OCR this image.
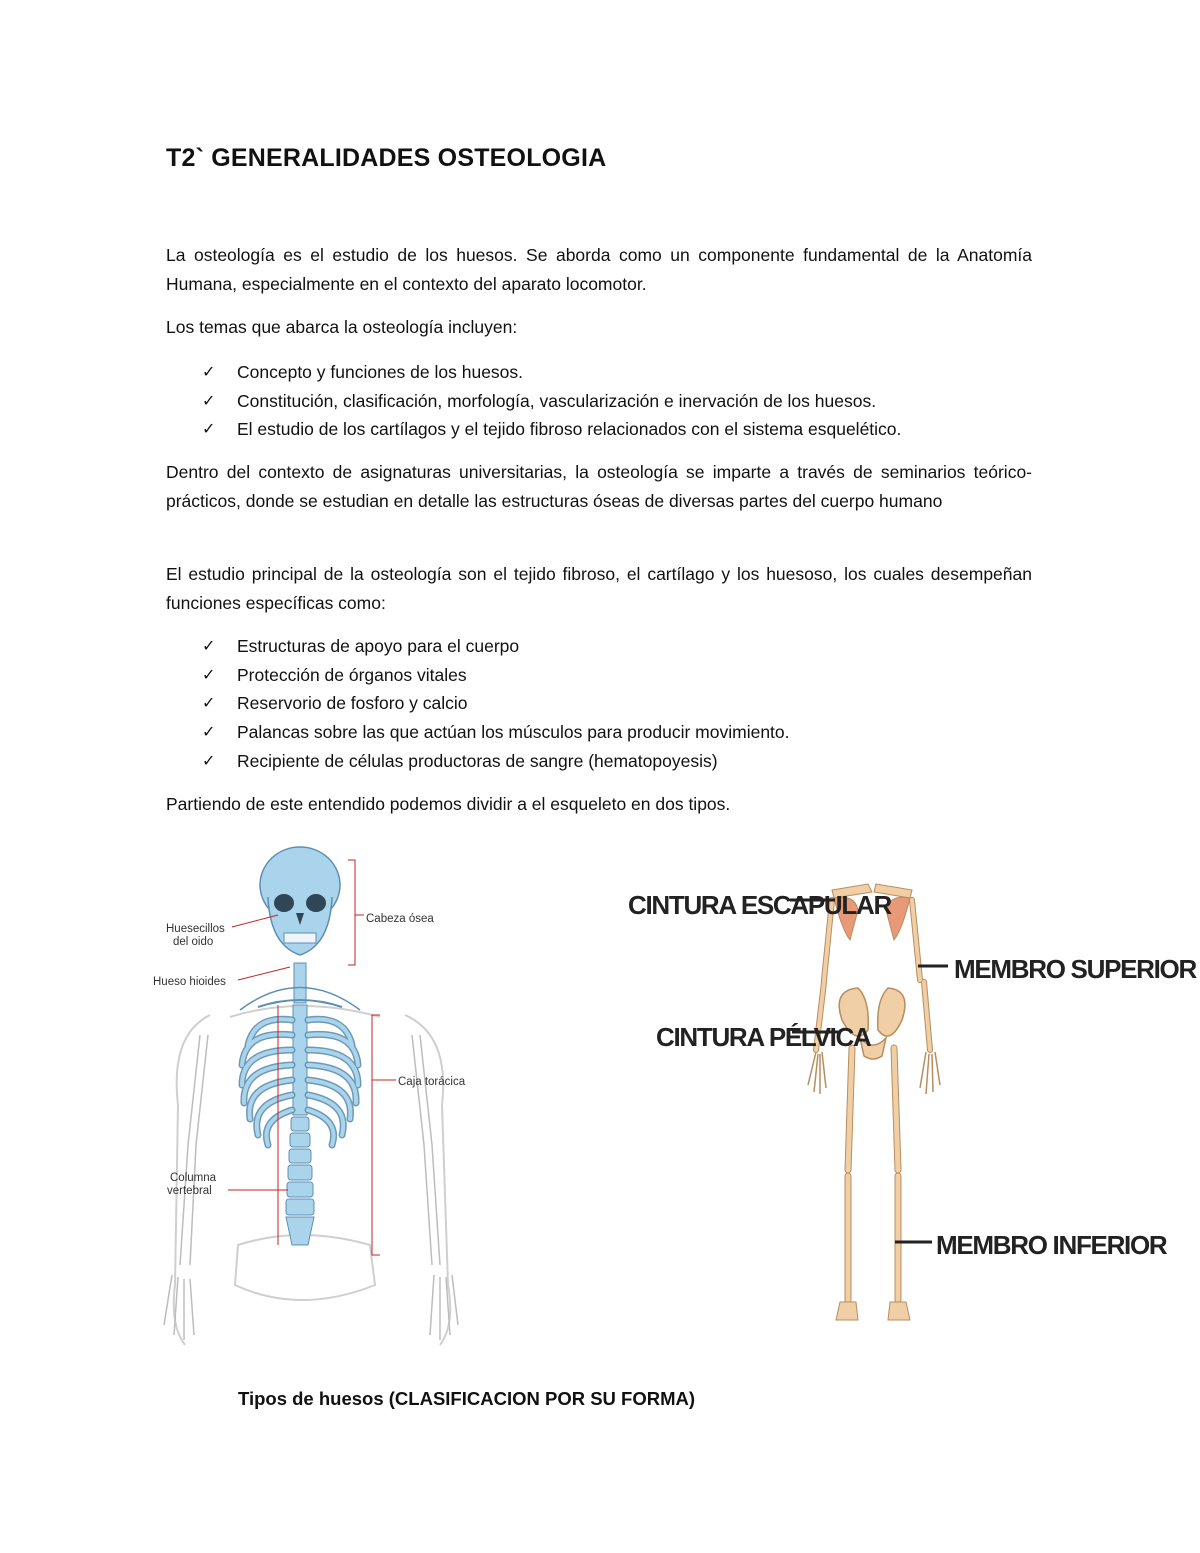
T2` GENERALIDADES OSTEOLOGIA

La osteología es el estudio de los huesos. Se aborda como un componente fundamental de la Anatomía Humana, especialmente en el contexto del aparato locomotor.

Los temas que abarca la osteología incluyen:

✓ Concepto y funciones de los huesos.
✓ Constitución, clasificación, morfología, vascularización e inervación de los huesos.
✓ El estudio de los cartílagos y el tejido fibroso relacionados con el sistema esquelético.

Dentro del contexto de asignaturas universitarias, la osteología se imparte a través de seminarios teórico-prácticos, donde se estudian en detalle las estructuras óseas de diversas partes del cuerpo humano

El estudio principal de la osteología son el tejido fibroso, el cartílago y los huesoso, los cuales desempeñan funciones específicas como:

✓ Estructuras de apoyo para el cuerpo
✓ Protección de órganos vitales
✓ Reservorio de fosforo y calcio
✓ Palancas sobre las que actúan los músculos para producir movimiento.
✓ Recipiente de células productoras de sangre (hematopoyesis)

Partiendo de este entendido podemos dividir a el esqueleto en dos tipos.

Cabeza ósea
Huesecillos
del oido
Hueso hioides
Caja torácica
Columna
vertebral
CINTURA ESCAPULAR
MEMBRO SUPERIOR
CINTURA PÉLVICA
MEMBRO INFERIOR
Tipos de huesos (CLASIFICACION POR SU FORMA)
